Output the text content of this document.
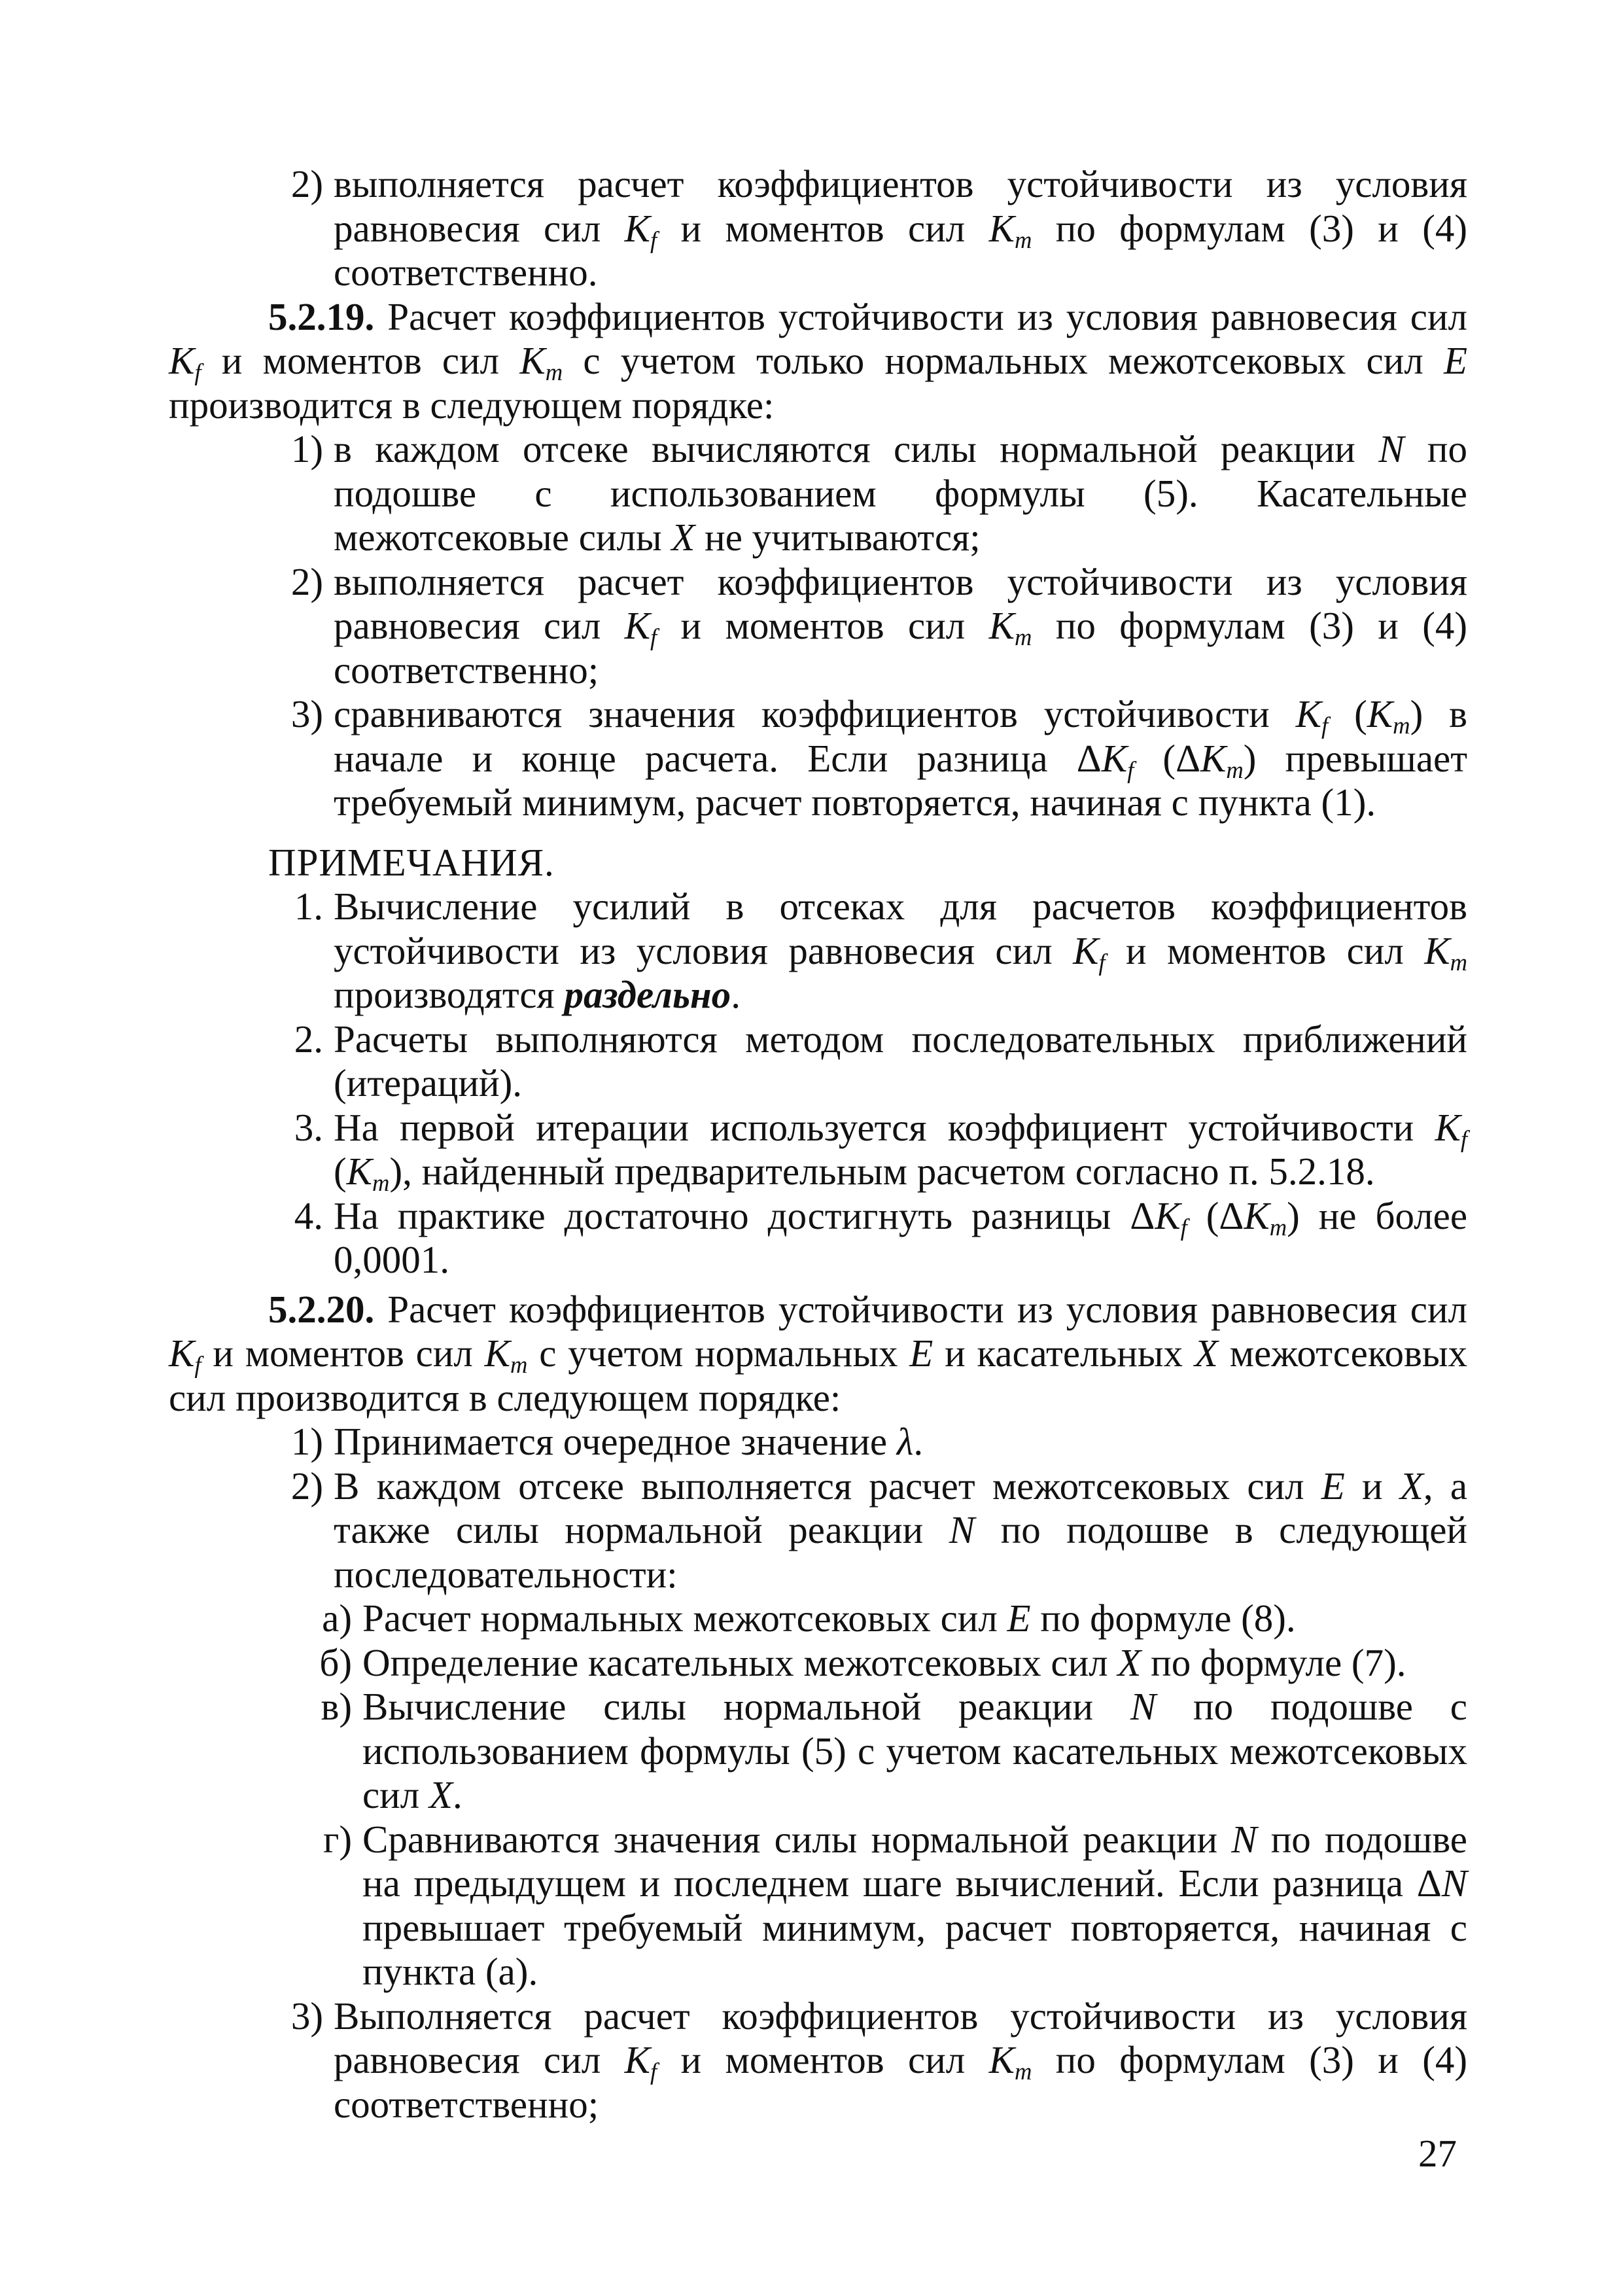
2) выполняется расчет коэффициентов устойчивости из условия равновесия сил $K_f$ и моментов сил $K_m$ по формулам (3) и (4) соответственно.

5.2.19. Расчет коэффициентов устойчивости из условия равновесия сил $K_f$ и моментов сил $K_m$ с учетом только нормальных межотсековых сил E производится в следующем порядке:

1) в каждом отсеке вычисляются силы нормальной реакции N по подошве с использованием формулы (5). Касательные межотсековые силы X не учитываются;
2) выполняется расчет коэффициентов устойчивости из условия равновесия сил $K_f$ и моментов сил $K_m$ по формулам (3) и (4) соответственно;
3) сравниваются значения коэффициентов устойчивости $K_f$ $(K_m)$ в начале и конце расчета. Если разница $\Delta K_f$ $(\Delta K_m)$ превышает требуемый минимум, расчет повторяется, начиная с пункта (1).

ПРИМЕЧАНИЯ.

1. Вычисление усилий в отсеках для расчетов коэффициентов устойчивости из условия равновесия сил $K_f$ и моментов сил $K_m$ производятся раздельно.
2. Расчеты выполняются методом последовательных приближений (итераций).
3. На первой итерации используется коэффициент устойчивости $K_f$ $(K_m)$, найденный предварительным расчетом согласно п. 5.2.18.
4. На практике достаточно достигнуть разницы $\Delta K_f$ $(\Delta K_m)$ не более 0,0001.

5.2.20. Расчет коэффициентов устойчивости из условия равновесия сил $K_f$ и моментов сил $K_m$ с учетом нормальных E и касательных X межотсековых сил производится в следующем порядке:

1) Принимается очередное значение λ.
2) В каждом отсеке выполняется расчет межотсековых сил E и X, а также силы нормальной реакции N по подошве в следующей последовательности:
а) Расчет нормальных межотсековых сил E по формуле (8).
б) Определение касательных межотсековых сил X по формуле (7).
в) Вычисление силы нормальной реакции N по подошве с использованием формулы (5) с учетом касательных межотсековых сил X.
г) Сравниваются значения силы нормальной реакции N по подошве на предыдущем и последнем шаге вычислений. Если разница ΔN превышает требуемый минимум, расчет повторяется, начиная с пункта (а).
3) Выполняется расчет коэффициентов устойчивости из условия равновесия сил $K_f$ и моментов сил $K_m$ по формулам (3) и (4) соответственно;
27
